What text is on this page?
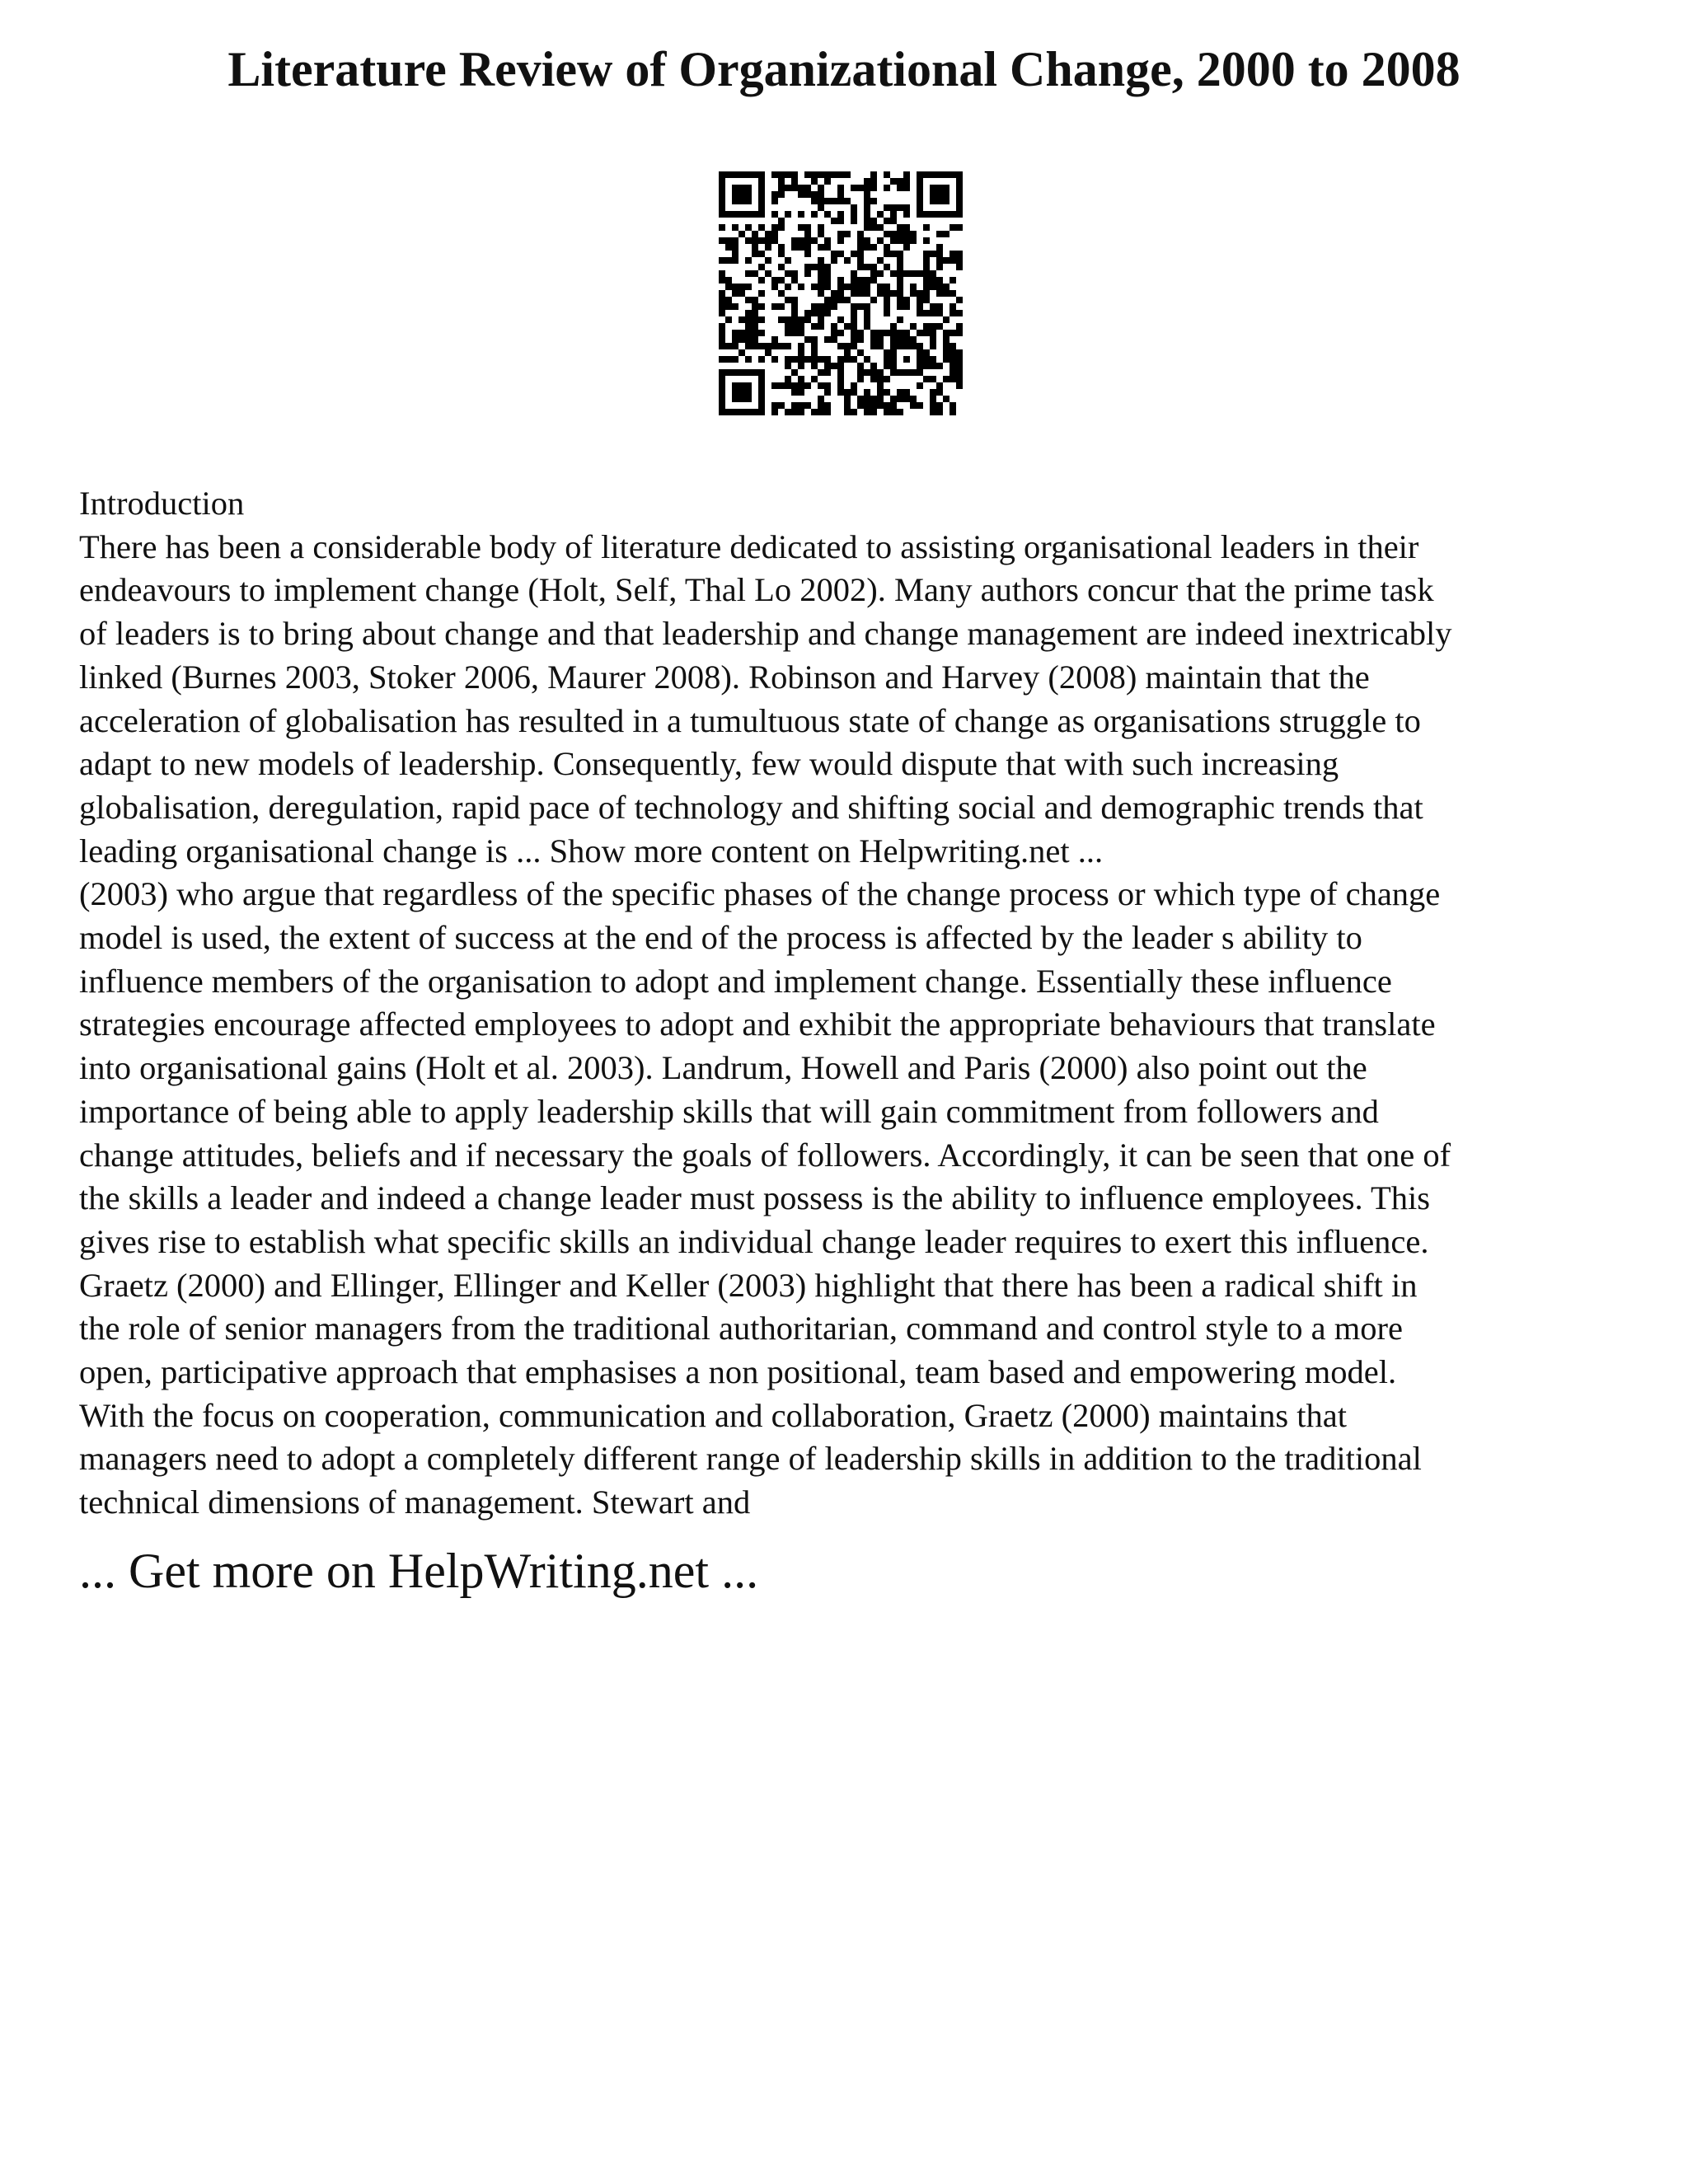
Literature Review of Organizational Change, 2000 to 2008
Introduction
There has been a considerable body of literature dedicated to assisting organisational leaders in their
endeavours to implement change (Holt, Self, Thal Lo 2002). Many authors concur that the prime task
of leaders is to bring about change and that leadership and change management are indeed inextricably
linked (Burnes 2003, Stoker 2006, Maurer 2008). Robinson and Harvey (2008) maintain that the
acceleration of globalisation has resulted in a tumultuous state of change as organisations struggle to
adapt to new models of leadership. Consequently, few would dispute that with such increasing
globalisation, deregulation, rapid pace of technology and shifting social and demographic trends that
leading organisational change is ... Show more content on Helpwriting.net ...
(2003) who argue that regardless of the specific phases of the change process or which type of change
model is used, the extent of success at the end of the process is affected by the leader s ability to
influence members of the organisation to adopt and implement change. Essentially these influence
strategies encourage affected employees to adopt and exhibit the appropriate behaviours that translate
into organisational gains (Holt et al. 2003). Landrum, Howell and Paris (2000) also point out the
importance of being able to apply leadership skills that will gain commitment from followers and
change attitudes, beliefs and if necessary the goals of followers. Accordingly, it can be seen that one of
the skills a leader and indeed a change leader must possess is the ability to influence employees. This
gives rise to establish what specific skills an individual change leader requires to exert this influence.
Graetz (2000) and Ellinger, Ellinger and Keller (2003) highlight that there has been a radical shift in
the role of senior managers from the traditional authoritarian, command and control style to a more
open, participative approach that emphasises a non positional, team based and empowering model.
With the focus on cooperation, communication and collaboration, Graetz (2000) maintains that
managers need to adopt a completely different range of leadership skills in addition to the traditional
technical dimensions of management. Stewart and
... Get more on HelpWriting.net ...
